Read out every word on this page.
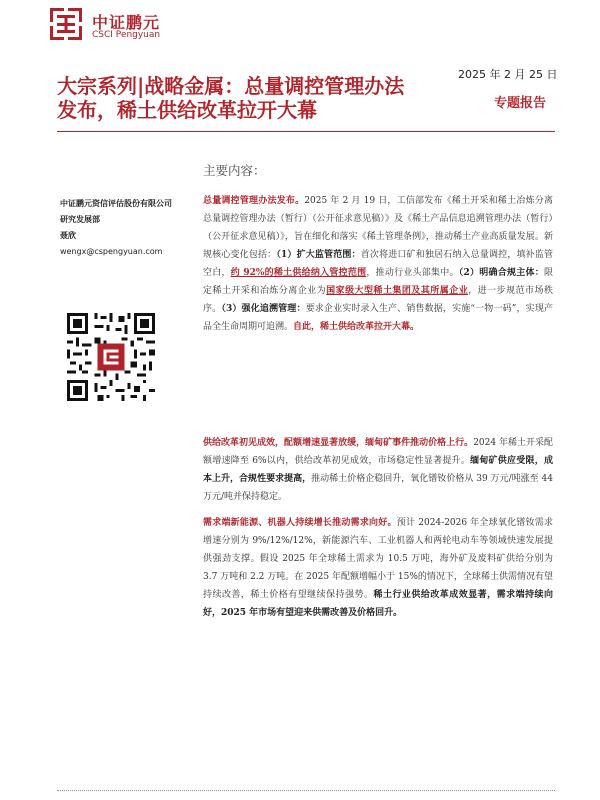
中证鹏元
CSCI Pengyuan
大宗系列|战略金属：总量调控管理办法
发布，稀土供给改革拉开大幕
2025 年 2 月 25 日
专题报告
主要内容：
中证鹏元资信评估股份有限公司
研究发展部
聂欣
wengx@cspengyuan.com
总量调控管理办法发布。2025 年 2 月 19 日，工信部发布《稀土开采和稀土冶炼分离总量调控管理办法（暂行）（公开征求意见稿）》及《稀土产品信息追溯管理办法（暂行）（公开征求意见稿）》，旨在细化和落实《稀土管理条例》，推动稀土产业高质量发展。新规核心变化包括：（1）扩大监管范围：首次将进口矿和独居石纳入总量调控，填补监管空白，约 92%的稀土供给纳入管控范围，推动行业头部集中。（2）明确合规主体：限定稀土开采和冶炼分离企业为国家级大型稀土集团及其所属企业，进一步规范市场秩序。（3）强化追溯管理：要求企业实时录入生产、销售数据，实施“一物一码”，实现产品全生命周期可追溯。自此，稀土供给改革拉开大幕。
供给改革初见成效，配额增速显著放缓，缅甸矿事件推动价格上行。2024 年稀土开采配额增速降至 6%以内，供给改革初见成效，市场稳定性显著提升。缅甸矿供应受限，成本上升，合规性要求提高，推动稀土价格企稳回升，氧化镨钕价格从 39 万元/吨涨至 44 万元/吨并保持稳定。
需求端新能源、机器人持续增长推动需求向好。预计 2024-2026 年全球氧化镨钕需求增速分别为 9%/12%/12%，新能源汽车、工业机器人和两轮电动车等领域快速发展提供强劲支撑。假设 2025 年全球稀土需求为 10.5 万吨，海外矿及废料矿供给分别为 3.7 万吨和 2.2 万吨。在 2025 年配额增幅小于 15%的情况下，全球稀土供需情况有望持续改善，稀土价格有望继续保持强势。稀土行业供给改革成效显著，需求端持续向好，2025 年市场有望迎来供需改善及价格回升。
